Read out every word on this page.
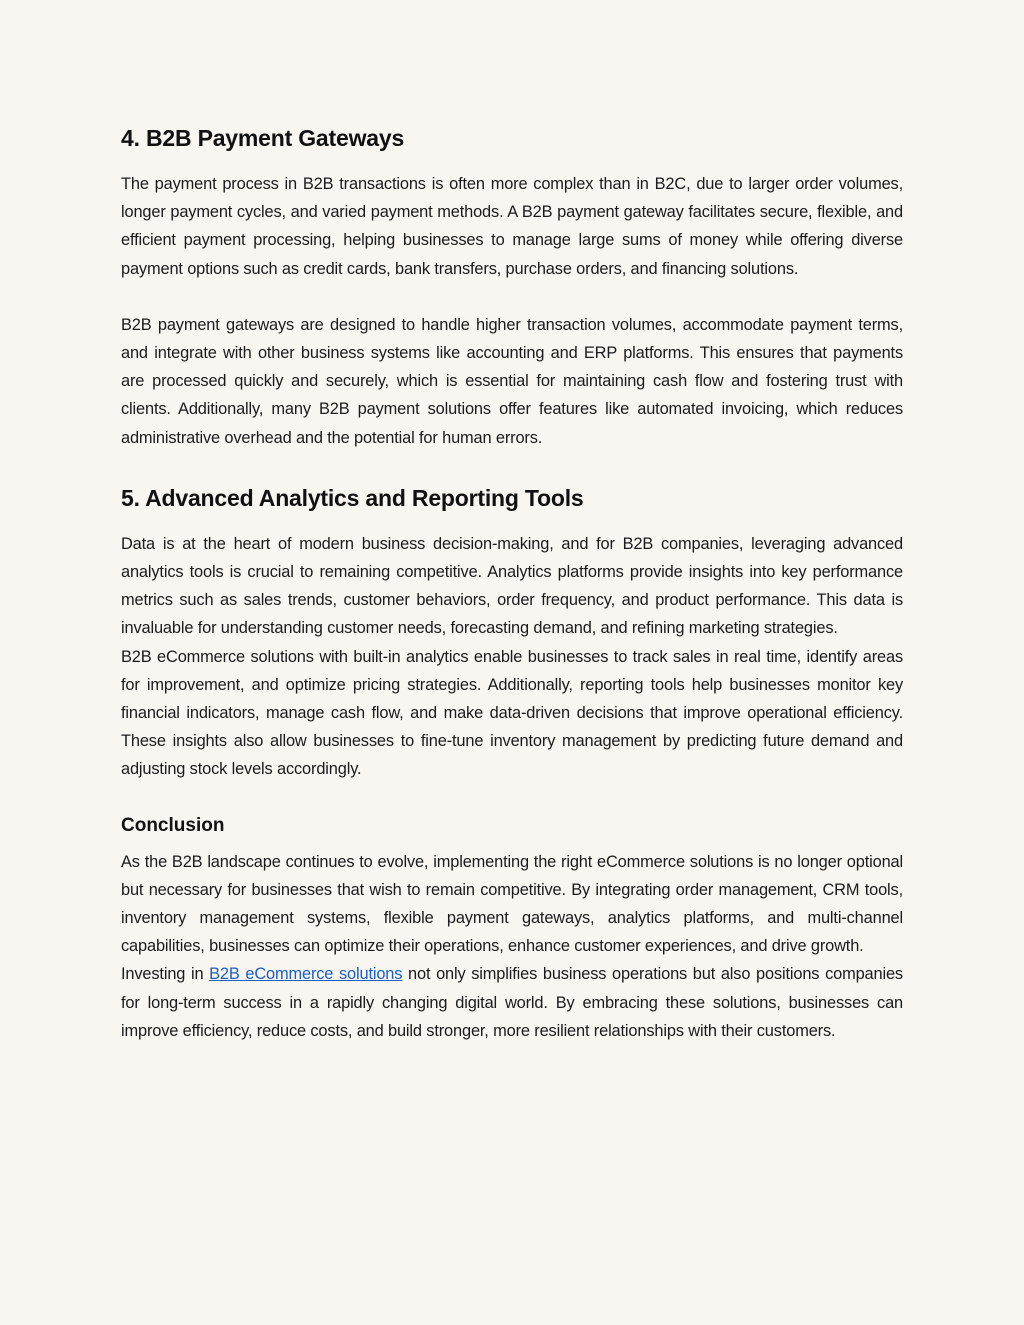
4. B2B Payment Gateways

The payment process in B2B transactions is often more complex than in B2C, due to larger order volumes, longer payment cycles, and varied payment methods. A B2B payment gateway facilitates secure, flexible, and efficient payment processing, helping businesses to manage large sums of money while offering diverse payment options such as credit cards, bank transfers, purchase orders, and financing solutions.

B2B payment gateways are designed to handle higher transaction volumes, accommodate payment terms, and integrate with other business systems like accounting and ERP platforms. This ensures that payments are processed quickly and securely, which is essential for maintaining cash flow and fostering trust with clients. Additionally, many B2B payment solutions offer features like automated invoicing, which reduces administrative overhead and the potential for human errors.

5. Advanced Analytics and Reporting Tools

Data is at the heart of modern business decision-making, and for B2B companies, leveraging advanced analytics tools is crucial to remaining competitive. Analytics platforms provide insights into key performance metrics such as sales trends, customer behaviors, order frequency, and product performance. This data is invaluable for understanding customer needs, forecasting demand, and refining marketing strategies.

B2B eCommerce solutions with built-in analytics enable businesses to track sales in real time, identify areas for improvement, and optimize pricing strategies. Additionally, reporting tools help businesses monitor key financial indicators, manage cash flow, and make data-driven decisions that improve operational efficiency. These insights also allow businesses to fine-tune inventory management by predicting future demand and adjusting stock levels accordingly.

Conclusion

As the B2B landscape continues to evolve, implementing the right eCommerce solutions is no longer optional but necessary for businesses that wish to remain competitive. By integrating order management, CRM tools, inventory management systems, flexible payment gateways, analytics platforms, and multi-channel capabilities, businesses can optimize their operations, enhance customer experiences, and drive growth.

Investing in B2B eCommerce solutions not only simplifies business operations but also positions companies for long-term success in a rapidly changing digital world. By embracing these solutions, businesses can improve efficiency, reduce costs, and build stronger, more resilient relationships with their customers.
